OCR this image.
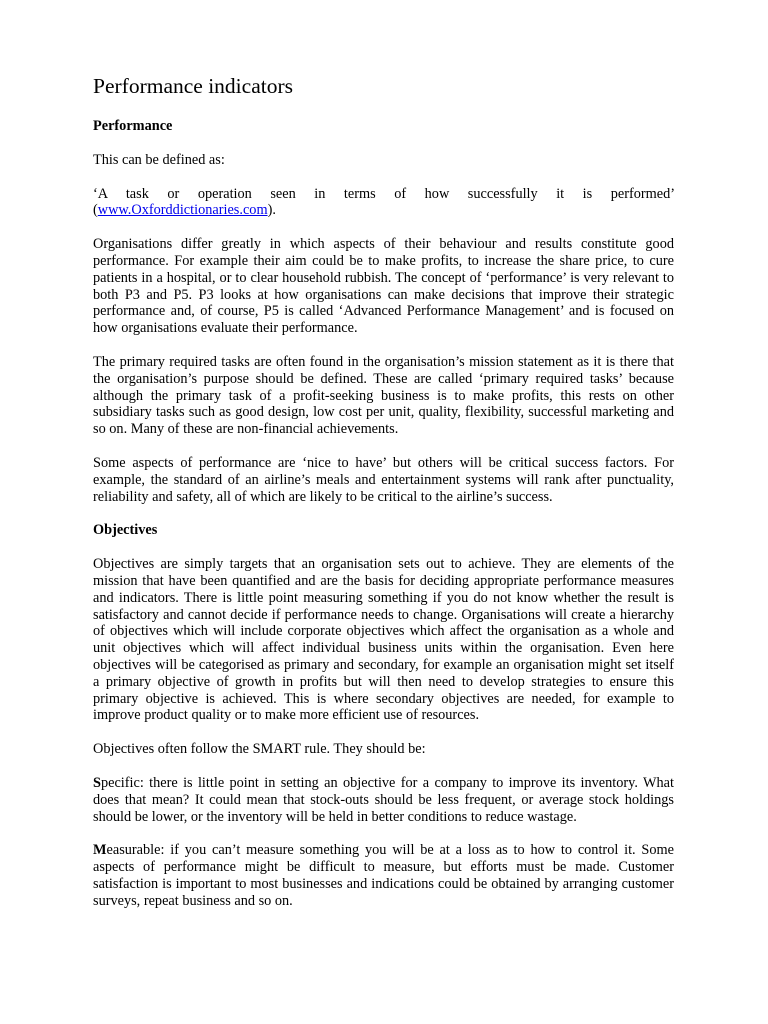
Performance indicators
Performance

This can be defined as:

‘A task or operation seen in terms of how successfully it is performed’ (www.Oxforddictionaries.com).

Organisations differ greatly in which aspects of their behaviour and results constitute good performance. For example their aim could be to make profits, to increase the share price, to cure patients in a hospital, or to clear household rubbish. The concept of ‘performance’ is very relevant to both P3 and P5. P3 looks at how organisations can make decisions that improve their strategic performance and, of course, P5 is called ‘Advanced Performance Management’ and is focused on how organisations evaluate their performance.

The primary required tasks are often found in the organisation’s mission statement as it is there that the organisation’s purpose should be defined. These are called ‘primary required tasks’ because although the primary task of a profit-seeking business is to make profits, this rests on other subsidiary tasks such as good design, low cost per unit, quality, flexibility, successful marketing and so on. Many of these are non-financial achievements.

Some aspects of performance are ‘nice to have’ but others will be critical success factors. For example, the standard of an airline’s meals and entertainment systems will rank after punctuality, reliability and safety, all of which are likely to be critical to the airline’s success.

Objectives

Objectives are simply targets that an organisation sets out to achieve. They are elements of the mission that have been quantified and are the basis for deciding appropriate performance measures and indicators. There is little point measuring something if you do not know whether the result is satisfactory and cannot decide if performance needs to change. Organisations will create a hierarchy of objectives which will include corporate objectives which affect the organisation as a whole and unit objectives which will affect individual business units within the organisation. Even here objectives will be categorised as primary and secondary, for example an organisation might set itself a primary objective of growth in profits but will then need to develop strategies to ensure this primary objective is achieved. This is where secondary objectives are needed, for example to improve product quality or to make more efficient use of resources.

Objectives often follow the SMART rule. They should be:

Specific: there is little point in setting an objective for a company to improve its inventory. What does that mean? It could mean that stock-outs should be less frequent, or average stock holdings should be lower, or the inventory will be held in better conditions to reduce wastage.

Measurable: if you can’t measure something you will be at a loss as to how to control it. Some aspects of performance might be difficult to measure, but efforts must be made. Customer satisfaction is important to most businesses and indications could be obtained by arranging customer surveys, repeat business and so on.
